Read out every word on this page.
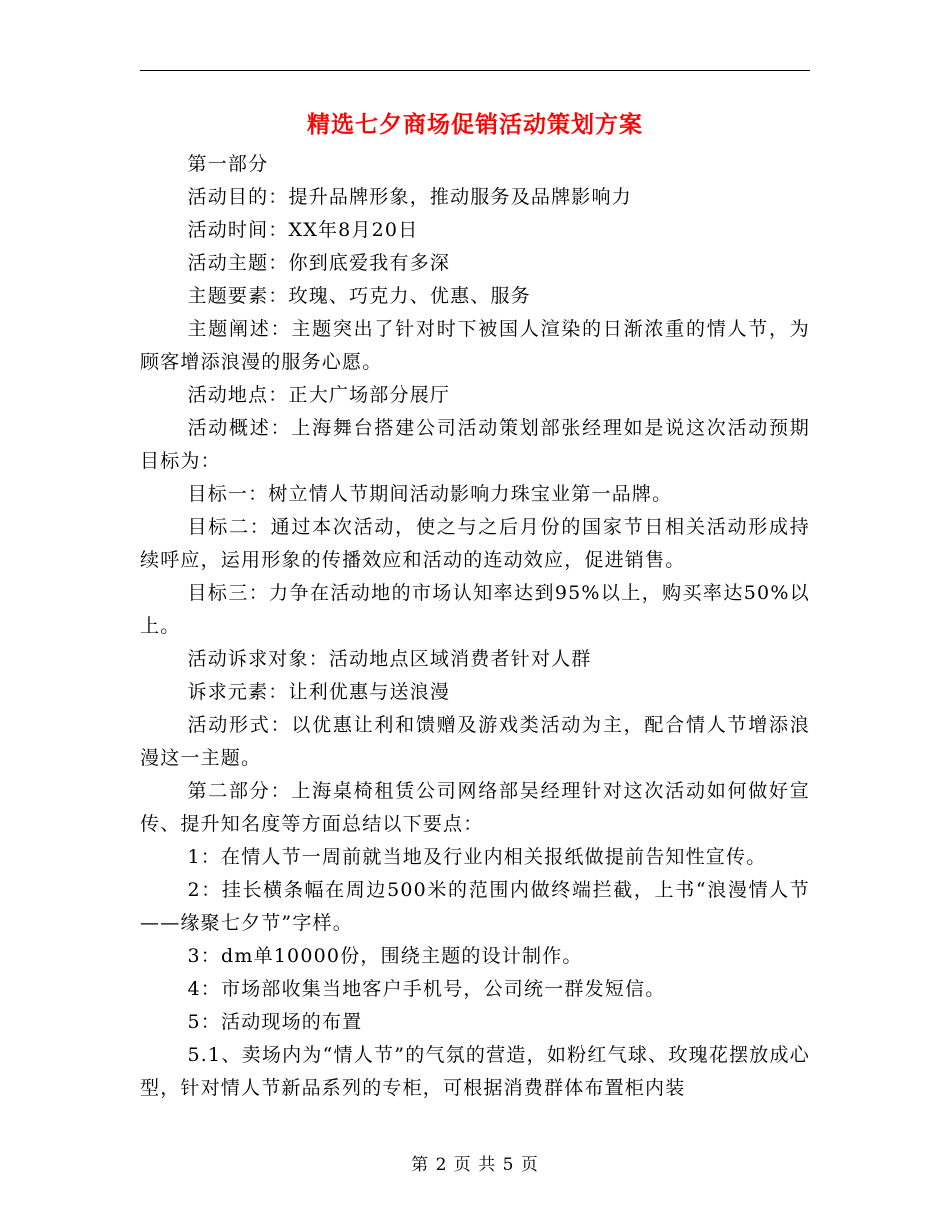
精选七夕商场促销活动策划方案

第一部分

活动目的：提升品牌形象，推动服务及品牌影响力

活动时间：XX年8月20日

活动主题：你到底爱我有多深

主题要素：玫瑰、巧克力、优惠、服务

主题阐述：主题突出了针对时下被国人渲染的日渐浓重的情人节，为顾客增添浪漫的服务心愿。

活动地点：正大广场部分展厅

活动概述：上海舞台搭建公司活动策划部张经理如是说这次活动预期目标为：

目标一：树立情人节期间活动影响力珠宝业第一品牌。

目标二：通过本次活动，使之与之后月份的国家节日相关活动形成持续呼应，运用形象的传播效应和活动的连动效应，促进销售。

目标三：力争在活动地的市场认知率达到95%以上，购买率达50%以上。

活动诉求对象：活动地点区域消费者针对人群

诉求元素：让利优惠与送浪漫

活动形式：以优惠让利和馈赠及游戏类活动为主，配合情人节增添浪漫这一主题。

第二部分：上海桌椅租赁公司网络部吴经理针对这次活动如何做好宣传、提升知名度等方面总结以下要点：

1：在情人节一周前就当地及行业内相关报纸做提前告知性宣传。

2：挂长横条幅在周边500米的范围内做终端拦截，上书“浪漫情人节——缘聚七夕节”字样。

3：dm单10000份，围绕主题的设计制作。

4：市场部收集当地客户手机号，公司统一群发短信。

5：活动现场的布置

5.1、卖场内为“情人节”的气氛的营造，如粉红气球、玫瑰花摆放成心型，针对情人节新品系列的专柜，可根据消费群体布置柜内装

第 2 页 共 5 页
